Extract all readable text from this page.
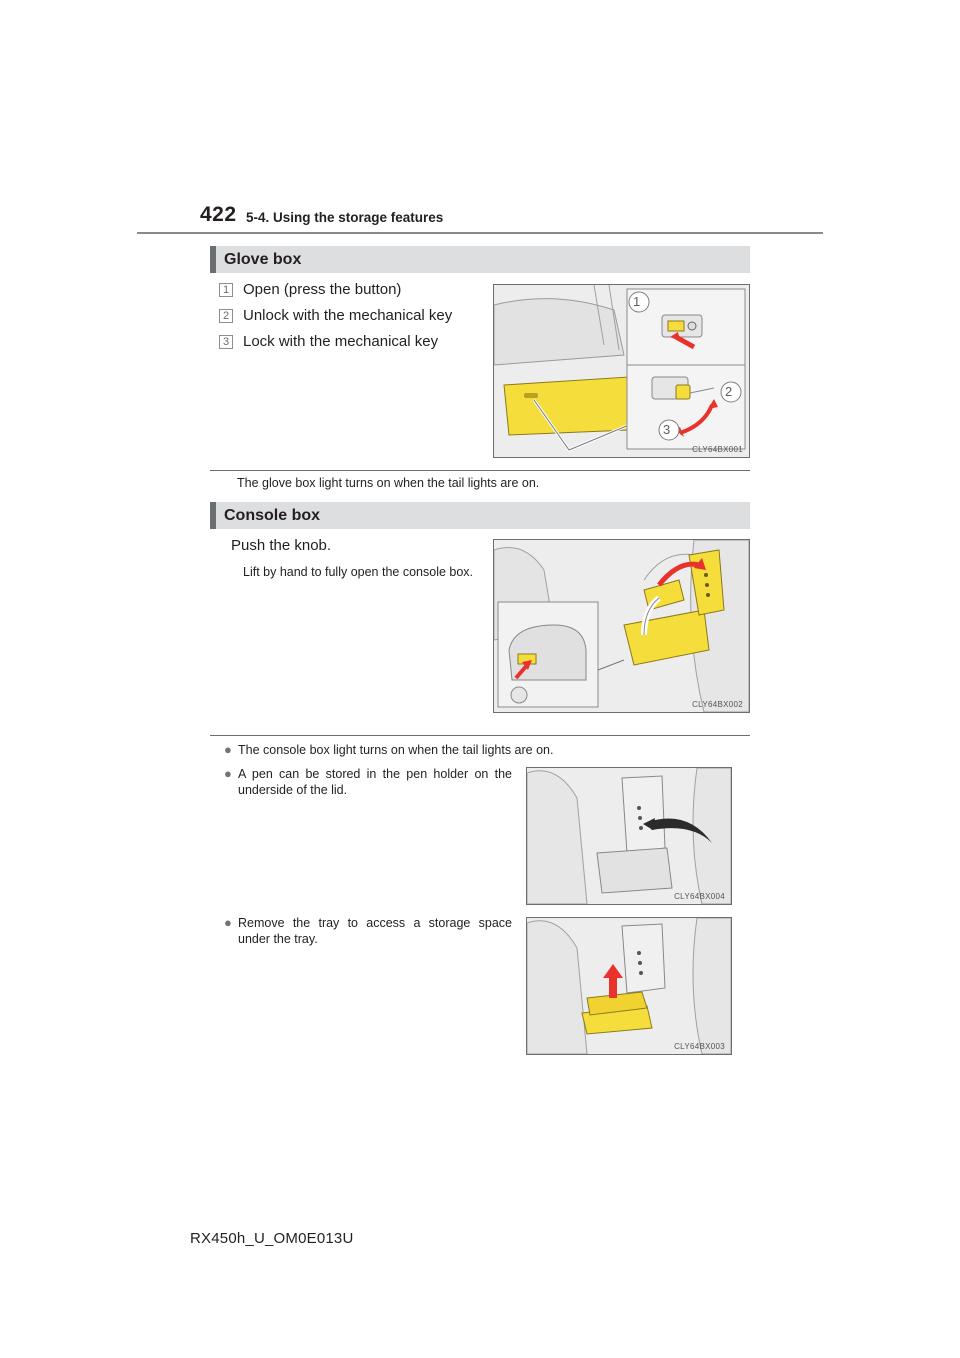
422 5-4. Using the storage features
Glove box
1 Open (press the button)
2 Unlock with the mechanical key
3 Lock with the mechanical key
1
2
3
CLY64BX001
The glove box light turns on when the tail lights are on.
Console box
Push the knob.
Lift by hand to fully open the console box.
CLY64BX002
● The console box light turns on when the tail lights are on.
● A pen can be stored in the pen holder on the underside of the lid.
CLY64BX004
● Remove the tray to access a storage space under the tray.
CLY64BX003
RX450h_U_OM0E013U
